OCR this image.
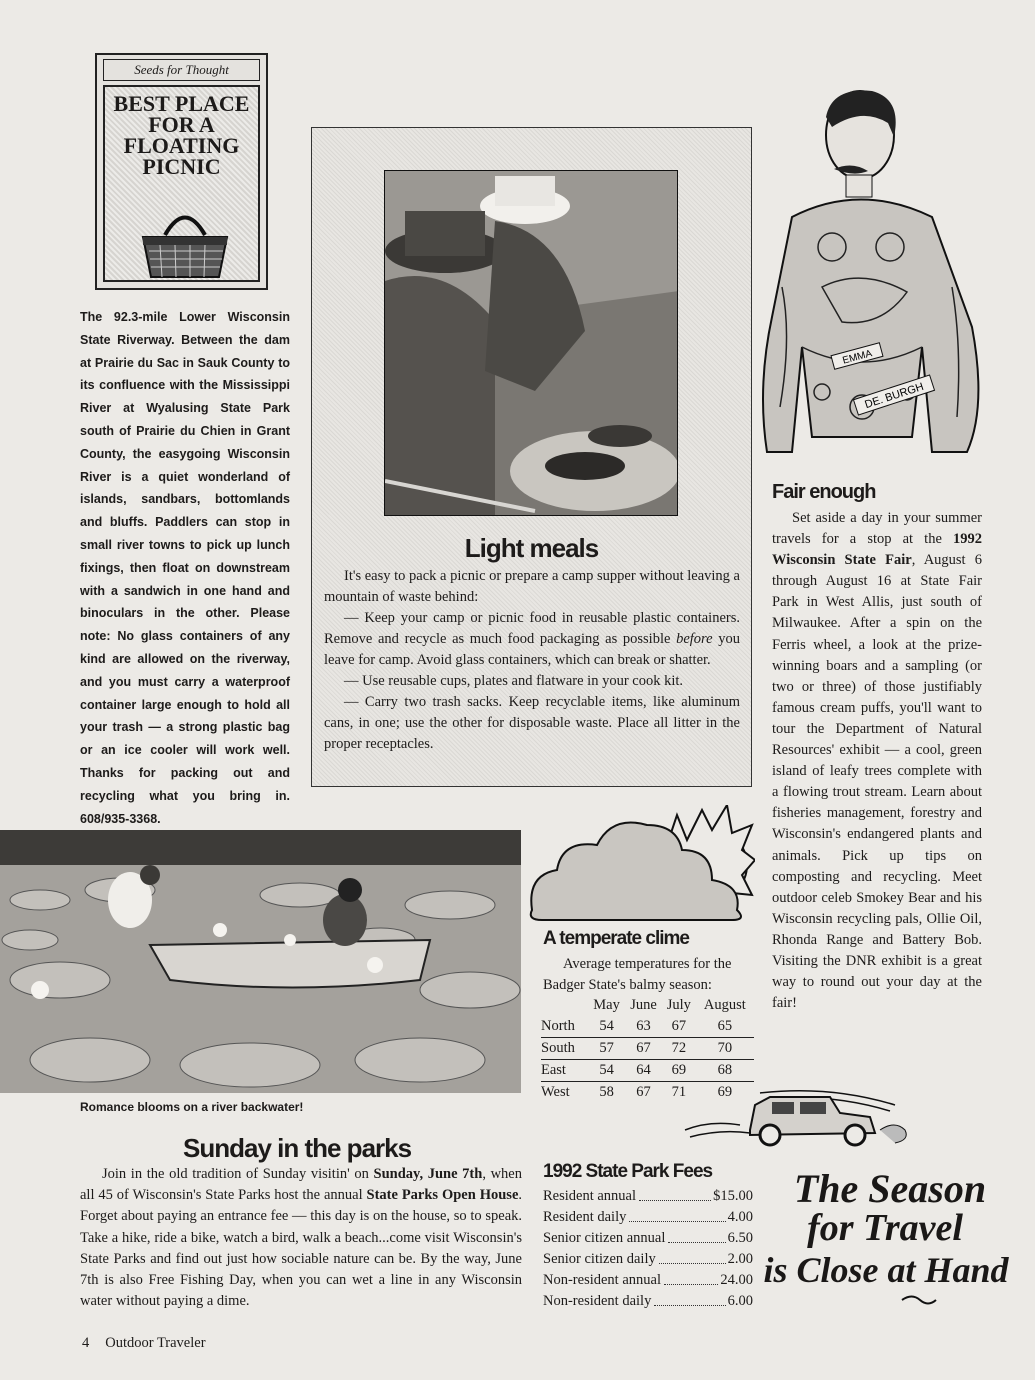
Seeds for Thought
BEST PLACE
FOR A
FLOATING
PICNIC
The 92.3-mile Lower Wisconsin State Riverway. Between the dam at Prairie du Sac in Sauk County to its confluence with the Mississippi River at Wyalusing State Park south of Prairie du Chien in Grant County, the easygoing Wisconsin River is a quiet wonderland of islands, sandbars, bottomlands and bluffs. Paddlers can stop in small river towns to pick up lunch fixings, then float on downstream with a sandwich in one hand and binoculars in the other. Please note: No glass containers of any kind are allowed on the riverway, and you must carry a waterproof container large enough to hold all your trash — a strong plastic bag or an ice cooler will work well. Thanks for packing out and recycling what you bring in. 608/935-3368.
Light meals

It's easy to pack a picnic or prepare a camp supper without leaving a mountain of waste behind:

— Keep your camp or picnic food in reusable plastic containers. Remove and recycle as much food packaging as possible before you leave for camp. Avoid glass containers, which can break or shatter.

— Use reusable cups, plates and flatware in your cook kit.

— Carry two trash sacks. Keep recyclable items, like aluminum cans, in one; use the other for disposable waste. Place all litter in the proper receptacles.

EMMA
DE. BURGH
Fair enough
Set aside a day in your summer travels for a stop at the 1992 Wisconsin State Fair, August 6 through August 16 at State Fair Park in West Allis, just south of Milwaukee. After a spin on the Ferris wheel, a look at the prize-winning boars and a sampling (or two or three) of those justifiably famous cream puffs, you'll want to tour the Department of Natural Resources' exhibit — a cool, green island of leafy trees complete with a flowing trout stream. Learn about fisheries management, forestry and Wisconsin's endangered plants and animals. Pick up tips on composting and recycling. Meet outdoor celeb Smokey Bear and his Wisconsin recycling pals, Ollie Oil, Rhonda Range and Battery Bob. Visiting the DNR exhibit is a great way to round out your day at the fair!
Romance blooms on a river backwater!
A temperate clime
Average temperatures for the Badger State's balmy season:
	May	June	July	August
North	54	63	67	65
South	57	67	72	70
East	54	64	69	68
West	58	67	71	69
The Season
for Travel
is Close at Hand
Sunday in the parks
Join in the old tradition of Sunday visitin' on Sunday, June 7th, when all 45 of Wisconsin's State Parks host the annual State Parks Open House. Forget about paying an entrance fee — this day is on the house, so to speak. Take a hike, ride a bike, watch a bird, walk a beach...come visit Wisconsin's State Parks and find out just how sociable nature can be. By the way, June 7th is also Free Fishing Day, when you can wet a line in any Wisconsin water without paying a dime.
1992 State Park Fees
Resident annual	$15.00
Resident daily	4.00
Senior citizen annual	6.50
Senior citizen daily	2.00
Non-resident annual	24.00
Non-resident daily	6.00
4 Outdoor Traveler
